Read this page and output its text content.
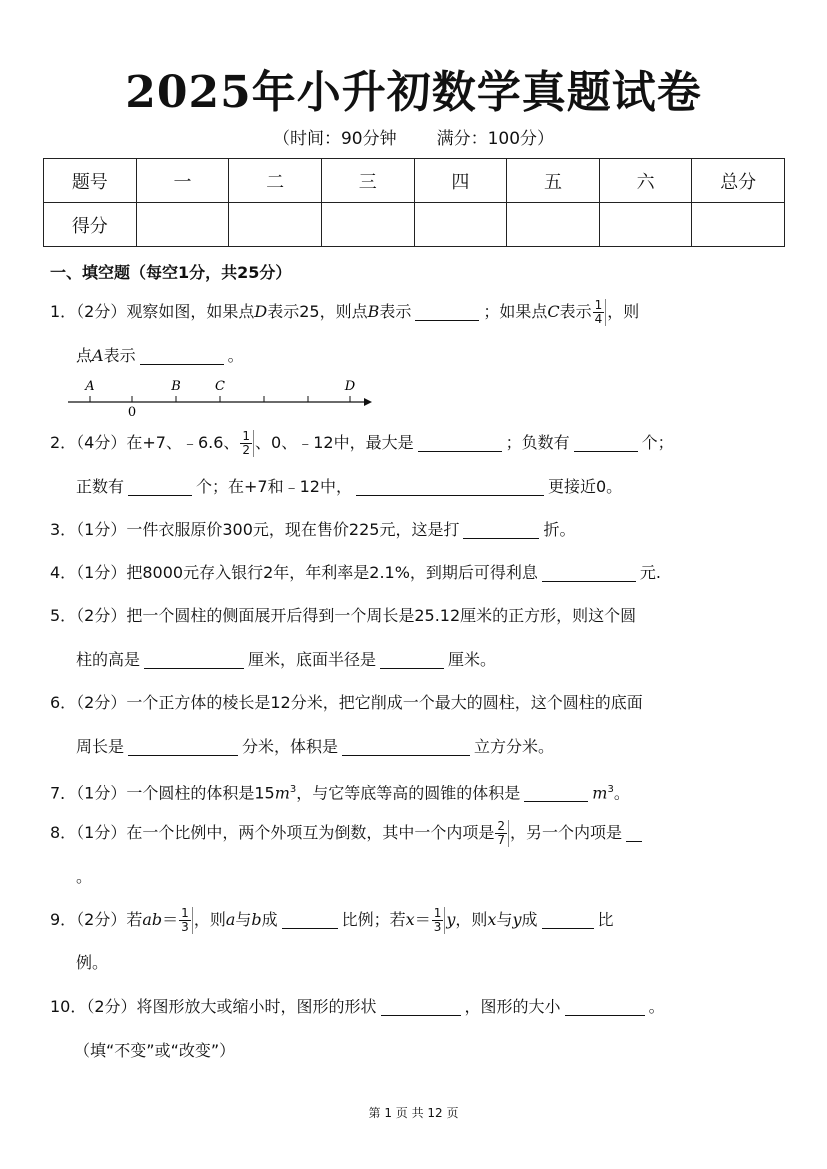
2025年小升初数学真题试卷
（时间：90分钟 满分：100分）
题号	一	二	三	四	五	六	总分
得分							
一、填空题（每空1分，共25分）
1．（2分）观察如图，如果点D表示25，则点B表示	；如果点C表示 $\frac{1}{4}$ ，则
点A表示	。
A	B	C	D
0
2．（4分）在+7、﹣6.6、 $\frac{1}{2}$ 、0、﹣12中，最大是	；负数有	个；
正数有	个；在+7和﹣12中，	更接近0。
3．（1分）一件衣服原价300元，现在售价225元，这是打	折。
4．（1分）把8000元存入银行2年，年利率是2.1%，到期后可得利息	元.
5．（2分）把一个圆柱的侧面展开后得到一个周长是25.12厘米的正方形，则这个圆
柱的高是	厘米，底面半径是	厘米。
6．（2分）一个正方体的棱长是12分米，把它削成一个最大的圆柱，这个圆柱的底面
周长是	分米，体积是	立方分米。
7．（1分）一个圆柱的体积是$15m^3$，与它等底等高的圆锥的体积是	$m^3$。
8．（1分）在一个比例中，两个外项互为倒数，其中一个内项是 $\frac{2}{7}$ ，另一个内项是
。
9．（2分）若$ab= \frac{1}{3}$ ，则a与b成	比例；若$x= \frac{1}{3}$ y，则x与y成	比
例。
10．（2分）将图形放大或缩小时，图形的形状	，图形的大小	。
（填“不变”或“改变”）
第 1 页 共 12 页
